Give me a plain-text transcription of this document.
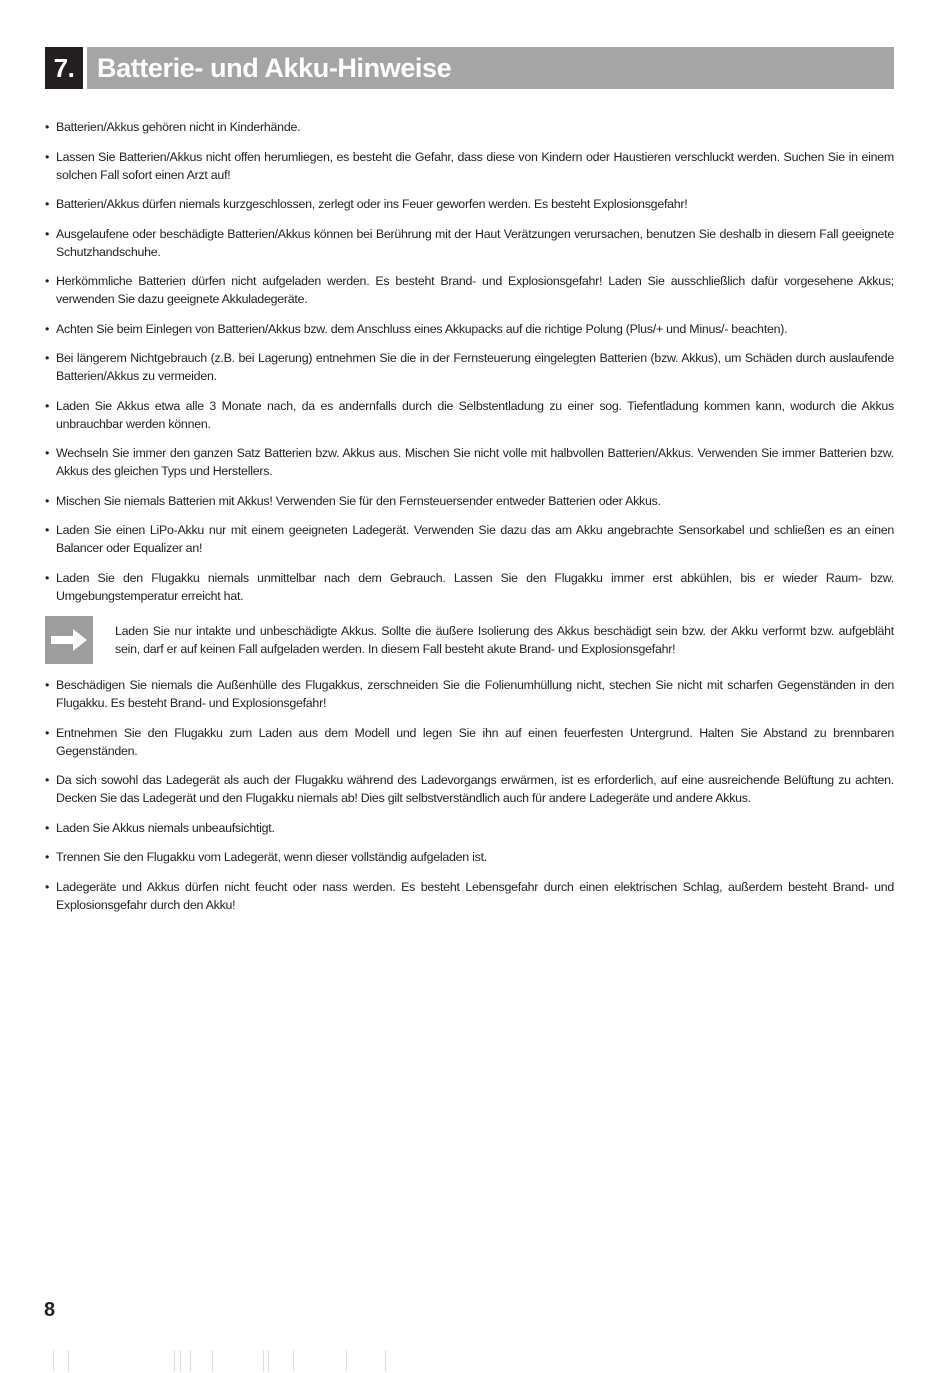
7. Batterie- und Akku-Hinweise
• Batterien/Akkus gehören nicht in Kinderhände.
• Lassen Sie Batterien/Akkus nicht offen herumliegen, es besteht die Gefahr, dass diese von Kindern oder Haustieren verschluckt werden. Suchen Sie in einem solchen Fall sofort einen Arzt auf!
• Batterien/Akkus dürfen niemals kurzgeschlossen, zerlegt oder ins Feuer geworfen werden. Es besteht Explosionsgefahr!
• Ausgelaufene oder beschädigte Batterien/Akkus können bei Berührung mit der Haut Verätzungen verursachen, benutzen Sie deshalb in diesem Fall geeignete Schutzhandschuhe.
• Herkömmliche Batterien dürfen nicht aufgeladen werden. Es besteht Brand- und Explosionsgefahr! Laden Sie ausschließlich dafür vorgesehene Akkus; verwenden Sie dazu geeignete Akkuladegeräte.
• Achten Sie beim Einlegen von Batterien/Akkus bzw. dem Anschluss eines Akkupacks auf die richtige Polung (Plus/+ und Minus/- beachten).
• Bei längerem Nichtgebrauch (z.B. bei Lagerung) entnehmen Sie die in der Fernsteuerung eingelegten Batterien (bzw. Akkus), um Schäden durch auslaufende Batterien/Akkus zu vermeiden.
• Laden Sie Akkus etwa alle 3 Monate nach, da es andernfalls durch die Selbstentladung zu einer sog. Tiefentladung kommen kann, wodurch die Akkus unbrauchbar werden können.
• Wechseln Sie immer den ganzen Satz Batterien bzw. Akkus aus. Mischen Sie nicht volle mit halbvollen Batterien/Akkus. Verwenden Sie immer Batterien bzw. Akkus des gleichen Typs und Herstellers.
• Mischen Sie niemals Batterien mit Akkus! Verwenden Sie für den Fernsteuersender entweder Batterien oder Akkus.
• Laden Sie einen LiPo-Akku nur mit einem geeigneten Ladegerät. Verwenden Sie dazu das am Akku angebrachte Sensorkabel und schließen es an einen Balancer oder Equalizer an!
• Laden Sie den Flugakku niemals unmittelbar nach dem Gebrauch. Lassen Sie den Flugakku immer erst abkühlen, bis er wieder Raum- bzw. Umgebungstemperatur erreicht hat.
Laden Sie nur intakte und unbeschädigte Akkus. Sollte die äußere Isolierung des Akkus beschädigt sein bzw. der Akku verformt bzw. aufgebläht sein, darf er auf keinen Fall aufgeladen werden. In diesem Fall besteht akute Brand- und Explosionsgefahr!
• Beschädigen Sie niemals die Außenhülle des Flugakkus, zerschneiden Sie die Folienumhüllung nicht, stechen Sie nicht mit scharfen Gegenständen in den Flugakku. Es besteht Brand- und Explosionsgefahr!
• Entnehmen Sie den Flugakku zum Laden aus dem Modell und legen Sie ihn auf einen feuerfesten Untergrund. Halten Sie Abstand zu brennbaren Gegenständen.
• Da sich sowohl das Ladegerät als auch der Flugakku während des Ladevorgangs erwärmen, ist es erforderlich, auf eine ausreichende Belüftung zu achten. Decken Sie das Ladegerät und den Flugakku niemals ab! Dies gilt selbstverständlich auch für andere Ladegeräte und andere Akkus.
• Laden Sie Akkus niemals unbeaufsichtigt.
• Trennen Sie den Flugakku vom Ladegerät, wenn dieser vollständig aufgeladen ist.
• Ladegeräte und Akkus dürfen nicht feucht oder nass werden. Es besteht Lebensgefahr durch einen elektrischen Schlag, außerdem besteht Brand- und Explosionsgefahr durch den Akku!
8
